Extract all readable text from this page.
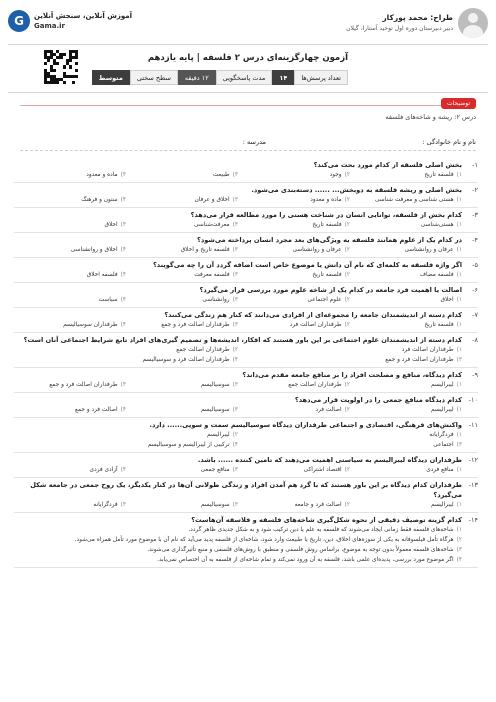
طراح: محمد پورکار
دبیر دبیرستان دوره اول توحید آستارا، گیلان
G	آموزش آنلاین، سنجش آنلاین
Gama.ir
آزمون چهارگزینه‌ای درس ۲ فلسفه | پایه یازدهم
تعداد پرسش‌ها
۱۴
مدت پاسخگویی
۱۲ دقیقه
سطح سختی
متوسط
توضیحات
درس ۲: ریشه و شاخه‌های فلسفه
نام و نام خانوادگی :
مدرسه :
۱-
بخش اصلی فلسفه از کدام مورد بحث می‌کند؟
۱)فلسفه تاریخ
۲)وجود
۳)طبیعت
۴)ماده و معدود
۲-
بخش اصلی و ریشه فلسفه به دوبخش... ...... دسته‌بندی می‌شود.
۱)هستی شناسی و معرفت شناسی
۲)ماده و معدود
۳)اخلاق و عرفان
۴)ستون و فرهنگ
۳-
کدام بخش از فلسفه، توانایی انسان در شناخت هستی را مورد مطالعه قرار می‌دهد؟
۱)هستی‌شناسی
۲)فلسفه تاریخ
۳)معرفت‌شناسی
۴)اخلاق
۴-
در کدام یک از علوم همانند فلسفه به ویژگی‌های بعد مجرد انسان پرداخته می‌شود؟
۱)عرفان و روانشناسی
۲)عرفان و روانشناسی
۳)فلسفه تاریخ و اخلاق
۴)اخلاق و روانشناسی
۵-
اگر واژه فلسفه به کلمه‌ای که نام آن دانش یا موضوع خاص است اضافه گردد آن را چه می‌گویند؟
۱)فلسفه مضاف
۲)فلسفه تاریخ
۳)فلسفه معرفت
۴)فلسفه اخلاق
۶-
اصالت یا اهمیت فرد جامعه در کدام یک از شاخه علوم مورد بررسی قرار می‌گیرد؟
۱)اخلاق
۲)علوم اجتماعی
۳)روانشناسی
۴)سیاست
۷-
کدام دسته از اندیشمندان جامعه را مجموعه‌ای از افرادی می‌دانند که کنار هم زندگی می‌کنند؟
۱)فلسفه تاریخ
۲)طرفداران اصالت فرد
۳)طرفداران اصالت فرد و جمع
۴)طرفداران سوسیالیسم
۸-
کدام دسته از اندیشمندان علوم اجتماعی بر این باور هستند که افکار، اندیشه‌ها و تصمیم گیری‌های افراد تابع شرایط اجتماعی آنان است؟
۱)طرفداران اصالت فرد
۲)طرفداران اصالت جمع
۳)طرفداران اصالت فرد و جمع
۴)طرفداران اصالت فرد و سوسیالیسم
۹-
کدام دیدگاه، منافع و مصلحت افراد را بر منافع جامعه مقدم می‌داند؟
۱)لیبرالیسم
۲)طرفداران اصالت جمع
۳)سوسیالیسم
۴)طرفداران اصالت فرد و جمع
۱۰-
کدام دیدگاه منافع جمعی را در اولویت قرار می‌دهد؟
۱)لیبرالیسم
۲)اصالت فرد
۳)سوسیالیسم
۴)اصالت فرد و جمع
۱۱-
واکنش‌های فرهنگی، اقتصادی و اجتماعی طرفداران دیدگاه سوسیالیسم سمت و سویی...... دارد.
۱)فردگرایانه
۲)لیبرالیسم
۳)اجتماعی
۴)ترکیبی از لیبرالیسم و سوسیالیسم
۱۲-
طرفداران دیدگاه لیبرالیسم به سیاستی اهمیت می‌دهند که تامین کننده ...... باشد.
۱)منافع فردی
۲)اقتصاد اشتراکی
۳)منافع جمعی
۴)آزادی فردی
۱۳-
طرفداران کدام دیدگاه بر این باور هستند که با گرد هم آمدن افراد و زندگی طولانی آن‌ها در کنار یکدیگر، یک روح جمعی در جامعه شکل می‌گیرد؟
۱)لیبرالیسم
۲)اصالت فرد و جامعه
۳)سوسیالیسم
۴)فردگرایانه
۱۴-
کدام گزینه توصیف دقیقی از نحوه شکل‌گیری شاخه‌های فلسفه و فلاسفه آن‌هاست؟
۱)شاخه‌های فلسفه فقط زمانی ایجاد می‌شوند که فلسفه به علم یا دین ترکیب شود و به شکل جدیدی ظاهر گردد.
۲)هرگاه تأمل فیلسوفانه به یکی از سوزه‌های اخلاق، دین، تاریخ یا طبیعت وارد شود، شاخه‌ای از فلسفه پدید می‌آید که نام آن با موضوع مورد تأمل همراه می‌شود.
۳)شاخه‌های فلسفه معمولاً بدون توجه به موضوع، براساس روش فلسفی و منطبق با روش‌های فلسفی و منبع تأثیرگذاری می‌شوند.
۴)اگر موضوع مورد بررسی، پدیده‌ای علمی باشد، فلسفه به آن ورود نمی‌کند و تمام شاخه‌ای از فلسفه به آن اختصاص نمی‌یابد.
